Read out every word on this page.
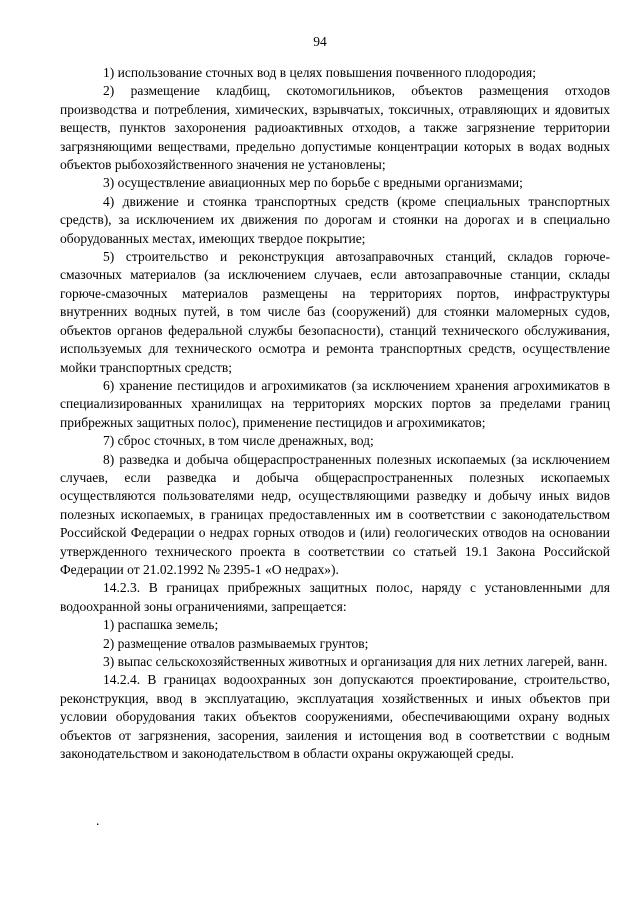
94

1) использование сточных вод в целях повышения почвенного плодородия;

2) размещение кладбищ, скотомогильников, объектов размещения отходов производства и потребления, химических, взрывчатых, токсичных, отравляющих и ядовитых веществ, пунктов захоронения радиоактивных отходов, а также загрязнение территории загрязняющими веществами, предельно допустимые концентрации которых в водах водных объектов рыбохозяйственного значения не установлены;

3) осуществление авиационных мер по борьбе с вредными организмами;

4) движение и стоянка транспортных средств (кроме специальных транспортных средств), за исключением их движения по дорогам и стоянки на дорогах и в специально оборудованных местах, имеющих твердое покрытие;

5) строительство и реконструкция автозаправочных станций, складов горюче-смазочных материалов (за исключением случаев, если автозаправочные станции, склады горюче-смазочных материалов размещены на территориях портов, инфраструктуры внутренних водных путей, в том числе баз (сооружений) для стоянки маломерных судов, объектов органов федеральной службы безопасности), станций технического обслуживания, используемых для технического осмотра и ремонта транспортных средств, осуществление мойки транспортных средств;

6) хранение пестицидов и агрохимикатов (за исключением хранения агрохимикатов в специализированных хранилищах на территориях морских портов за пределами границ прибрежных защитных полос), применение пестицидов и агрохимикатов;

7) сброс сточных, в том числе дренажных, вод;

8) разведка и добыча общераспространенных полезных ископаемых (за исключением случаев, если разведка и добыча общераспространенных полезных ископаемых осуществляются пользователями недр, осуществляющими разведку и добычу иных видов полезных ископаемых, в границах предоставленных им в соответствии с законодательством Российской Федерации о недрах горных отводов и (или) геологических отводов на основании утвержденного технического проекта в соответствии со статьей 19.1 Закона Российской Федерации от 21.02.1992 № 2395-1 «О недрах»).

14.2.3. В границах прибрежных защитных полос, наряду с установленными для водоохранной зоны ограничениями, запрещается:

1) распашка земель;

2) размещение отвалов размываемых грунтов;

3) выпас сельскохозяйственных животных и организация для них летних лагерей, ванн.

14.2.4. В границах водоохранных зон допускаются проектирование, строительство, реконструкция, ввод в эксплуатацию, эксплуатация хозяйственных и иных объектов при условии оборудования таких объектов сооружениями, обеспечивающими охрану водных объектов от загрязнения, засорения, заиления и истощения вод в соответствии с водным законодательством и законодательством в области охраны окружающей среды.

.
